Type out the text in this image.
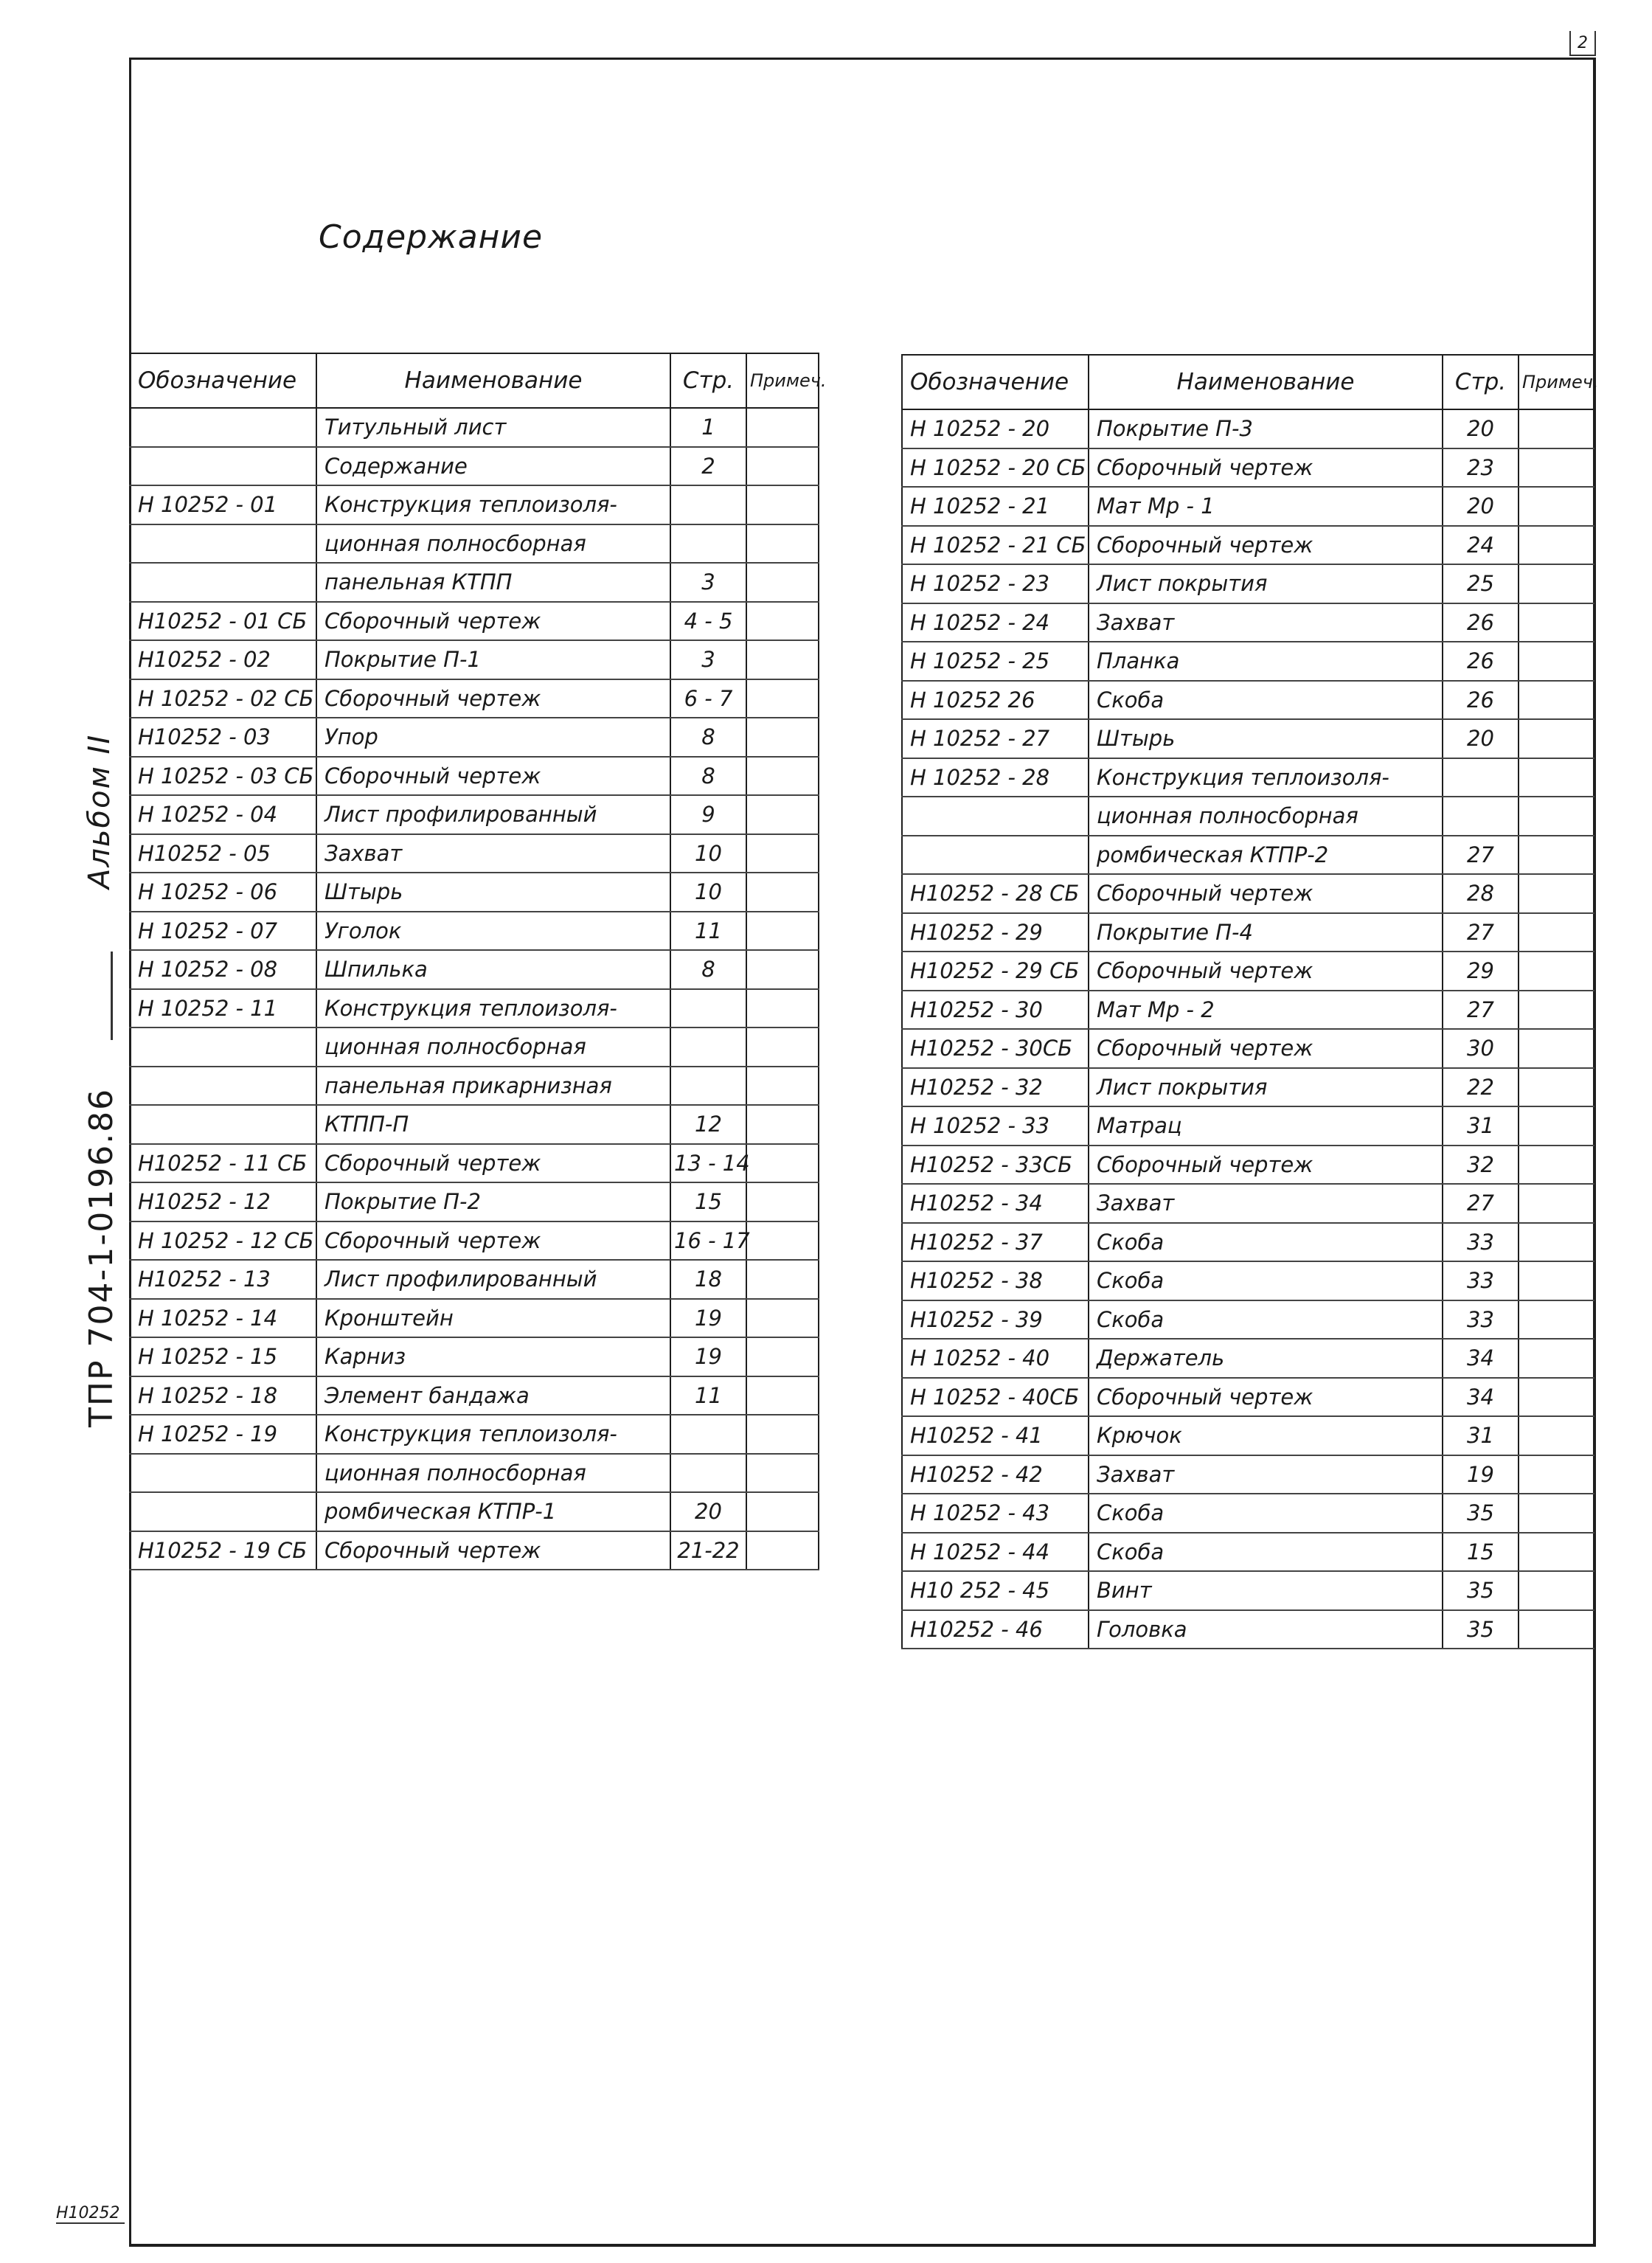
2
Содержание
Альбом II
ТПР 704-1-0196.86
Н10252
Обозначение	Наименование	Стр.	Примеч.
	Титульный лист	1	
	Содержание	2	
Н 10252 - 01	Конструкция теплоизоля-		
	ционная полносборная		
	панельная КТПП	3	
Н10252 - 01 СБ	Сборочный чертеж	4 - 5	
Н10252 - 02	Покрытие П-1	3	
Н 10252 - 02 СБ	Сборочный чертеж	6 - 7	
Н10252 - 03	Упор	8	
Н 10252 - 03 СБ	Сборочный чертеж	8	
Н 10252 - 04	Лист профилированный	9	
Н10252 - 05	Захват	10	
Н 10252 - 06	Штырь	10	
Н 10252 - 07	Уголок	11	
Н 10252 - 08	Шпилька	8	
Н 10252 - 11	Конструкция теплоизоля-		
	ционная полносборная		
	панельная прикарнизная		
	КТПП-П	12	
Н10252 - 11 СБ	Сборочный чертеж	13 - 14	
Н10252 - 12	Покрытие П-2	15	
Н 10252 - 12 СБ	Сборочный чертеж	16 - 17	
Н10252 - 13	Лист профилированный	18	
Н 10252 - 14	Кронштейн	19	
Н 10252 - 15	Карниз	19	
Н 10252 - 18	Элемент бандажа	11	
Н 10252 - 19	Конструкция теплоизоля-		
	ционная полносборная		
	ромбическая КТПР-1	20	
Н10252 - 19 СБ	Сборочный чертеж	21-22	
Обозначение	Наименование	Стр.	Примеч.
Н 10252 - 20	Покрытие П-3	20	
Н 10252 - 20 СБ	Сборочный чертеж	23	
Н 10252 - 21	Мат Мр - 1	20	
Н 10252 - 21 СБ	Сборочный чертеж	24	
Н 10252 - 23	Лист покрытия	25	
Н 10252 - 24	Захват	26	
Н 10252 - 25	Планка	26	
Н 10252 26	Скоба	26	
Н 10252 - 27	Штырь	20	
Н 10252 - 28	Конструкция теплоизоля-		
	ционная полносборная		
	ромбическая КТПР-2	27	
Н10252 - 28 СБ	Сборочный чертеж	28	
Н10252 - 29	Покрытие П-4	27	
Н10252 - 29 СБ	Сборочный чертеж	29	
Н10252 - 30	Мат Мр - 2	27	
Н10252 - 30СБ	Сборочный чертеж	30	
Н10252 - 32	Лист покрытия	22	
Н 10252 - 33	Матрац	31	
Н10252 - 33СБ	Сборочный чертеж	32	
Н10252 - 34	Захват	27	
Н10252 - 37	Скоба	33	
Н10252 - 38	Скоба	33	
Н10252 - 39	Скоба	33	
Н 10252 - 40	Держатель	34	
Н 10252 - 40СБ	Сборочный чертеж	34	
Н10252 - 41	Крючок	31	
Н10252 - 42	Захват	19	
Н 10252 - 43	Скоба	35	
Н 10252 - 44	Скоба	15	
Н10 252 - 45	Винт	35	
Н10252 - 46	Головка	35	
